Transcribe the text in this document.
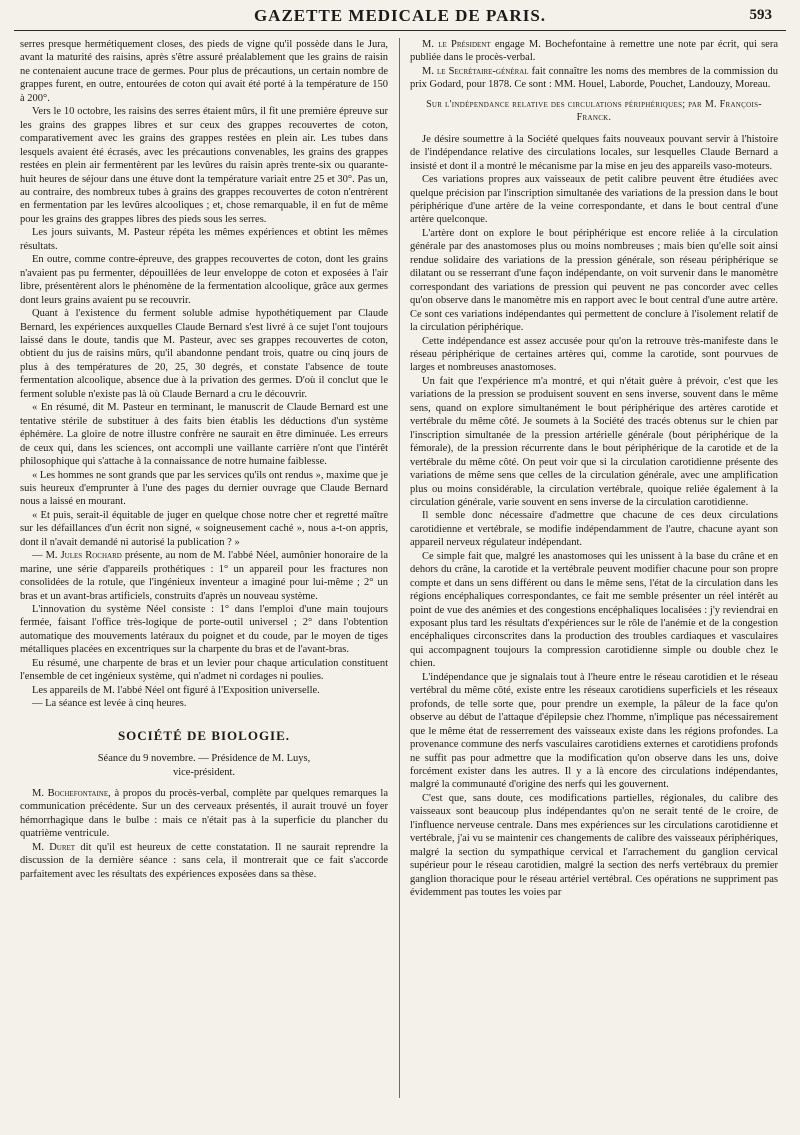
GAZETTE MEDICALE DE PARIS.	593

serres presque hermétiquement closes, des pieds de vigne qu'il possède dans le Jura, avant la maturité des raisins, après s'être assuré préalablement que les grains de raisin ne contenaient aucune trace de germes. Pour plus de précautions, un certain nombre de grappes furent, en outre, entourées de coton qui avait été porté à la température de 150 à 200°.

Vers le 10 octobre, les raisins des serres étaient mûrs, il fit une première épreuve sur les grains des grappes libres et sur ceux des grappes recouvertes de coton, comparativement avec les grains des grappes restées en plein air. Les tubes dans lesquels avaient été écrasés, avec les précautions convenables, les grains des grappes restées en plein air fermentèrent par les levûres du raisin après trente-six ou quarante-huit heures de séjour dans une étuve dont la température variait entre 25 et 30°. Pas un, au contraire, des nombreux tubes à grains des grappes recouvertes de coton n'entrèrent en fermentation par les levûres alcooliques ; et, chose remarquable, il en fut de même pour les grains des grappes libres des pieds sous les serres.

Les jours suivants, M. Pasteur répéta les mêmes expériences et obtint les mêmes résultats.

En outre, comme contre-épreuve, des grappes recouvertes de coton, dont les grains n'avaient pas pu fermenter, dépouillées de leur enveloppe de coton et exposées à l'air libre, présentèrent alors le phénomène de la fermentation alcoolique, grâce aux germes dont leurs grains avaient pu se recouvrir.

Quant à l'existence du ferment soluble admise hypothétiquement par Claude Bernard, les expériences auxquelles Claude Bernard s'est livré à ce sujet l'ont toujours laissé dans le doute, tandis que M. Pasteur, avec ses grappes recouvertes de coton, obtient du jus de raisins mûrs, qu'il abandonne pendant trois, quatre ou cinq jours de plus à des températures de 20, 25, 30 degrés, et constate l'absence de toute fermentation alcoolique, absence due à la privation des germes. D'où il conclut que le ferment soluble n'existe pas là où Claude Bernard a cru le découvrir.

« En résumé, dit M. Pasteur en terminant, le manuscrit de Claude Bernard est une tentative stérile de substituer à des faits bien établis les déductions d'un système éphémère. La gloire de notre illustre confrère ne saurait en être diminuée. Les erreurs de ceux qui, dans les sciences, ont accompli une vaillante carrière n'ont que l'intérêt philosophique qui s'attache à la connaissance de notre humaine faiblesse.

« Les hommes ne sont grands que par les services qu'ils ont rendus », maxime que je suis heureux d'emprunter à l'une des pages du dernier ouvrage que Claude Bernard nous a laissé en mourant.

« Et puis, serait-il équitable de juger en quelque chose notre cher et regretté maître sur les défaillances d'un écrit non signé, « soigneusement caché », nous a-t-on appris, dont il n'avait demandé ni autorisé la publication ? »

— M. Jules Rochard présente, au nom de M. l'abbé Néel, aumônier honoraire de la marine, une série d'appareils prothétiques : 1° un appareil pour les fractures non consolidées de la rotule, que l'ingénieux inventeur a imaginé pour lui-même ; 2° un bras et un avant-bras artificiels, construits d'après un nouveau système.

L'innovation du système Néel consiste : 1° dans l'emploi d'une main toujours fermée, faisant l'office très-logique de porte-outil universel ; 2° dans l'obtention automatique des mouvements latéraux du poignet et du coude, par le moyen de tiges métalliques placées en excentriques sur la charpente du bras et de l'avant-bras.

Eu résumé, une charpente de bras et un levier pour chaque articulation constituent l'ensemble de cet ingénieux système, qui n'admet ni cordages ni poulies.

Les appareils de M. l'abbé Néel ont figuré à l'Exposition universelle.

— La séance est levée à cinq heures.

SOCIÉTÉ DE BIOLOGIE.

Séance du 9 novembre. — Présidence de M. Luys,

vice-président.

M. Bochefontaine, à propos du procès-verbal, complète par quelques remarques la communication précédente. Sur un des cerveaux présentés, il aurait trouvé un foyer hémorrhagique dans le bulbe : mais ce n'était pas à la superficie du plancher du quatrième ventricule.

M. Duret dit qu'il est heureux de cette constatation. Il ne saurait reprendre la discussion de la dernière séance : sans cela, il montrerait que ce fait s'accorde parfaitement avec les résultats des expériences exposées dans sa thèse.

M. le Président engage M. Bochefontaine à remettre une note par écrit, qui sera publiée dans le procès-verbal.

M. le Secrétaire-général fait connaître les noms des membres de la commission du prix Godard, pour 1878. Ce sont : MM. Houel, Laborde, Pouchet, Landouzy, Moreau.

Sur l'indépendance relative des circulations périphériques; par M. François-Franck.

Je désire soumettre à la Société quelques faits nouveaux pouvant servir à l'histoire de l'indépendance relative des circulations locales, sur lesquelles Claude Bernard a insisté et dont il a montré le mécanisme par la mise en jeu des appareils vaso-moteurs.

Ces variations propres aux vaisseaux de petit calibre peuvent être étudiées avec quelque précision par l'inscription simultanée des variations de la pression dans le bout périphérique d'une artère de la veine correspondante, et dans le bout central d'une artère quelconque.

L'artère dont on explore le bout périphérique est encore reliée à la circulation générale par des anastomoses plus ou moins nombreuses ; mais bien qu'elle soit ainsi rendue solidaire des variations de la pression générale, son réseau périphérique se dilatant ou se resserrant d'une façon indépendante, on voit survenir dans le manomètre correspondant des variations de pression qui peuvent ne pas concorder avec celles qu'on observe dans le manomètre mis en rapport avec le bout central d'une autre artère. Ce sont ces variations indépendantes qui permettent de conclure à l'isolement relatif de la circulation périphérique.

Cette indépendance est assez accusée pour qu'on la retrouve très-manifeste dans le réseau périphérique de certaines artères qui, comme la carotide, sont pourvues de larges et nombreuses anastomoses.

Un fait que l'expérience m'a montré, et qui n'était guère à prévoir, c'est que les variations de la pression se produisent souvent en sens inverse, souvent dans le même sens, quand on explore simultanément le bout périphérique des artères carotide et vertébrale du même côté. Je soumets à la Société des tracés obtenus sur le chien par l'inscription simultanée de la pression artérielle générale (bout périphérique de la fémorale), de la pression récurrente dans le bout périphérique de la carotide et de la vertébrale du même côté. On peut voir que si la circulation carotidienne présente des variations de même sens que celles de la circulation générale, avec une amplification plus ou moins considérable, la circulation vertébrale, quoique reliée également à la circulation générale, varie souvent en sens inverse de la circulation carotidienne.

Il semble donc nécessaire d'admettre que chacune de ces deux circulations carotidienne et vertébrale, se modifie indépendamment de l'autre, chacune ayant son appareil nerveux régulateur indépendant.

Ce simple fait que, malgré les anastomoses qui les unissent à la base du crâne et en dehors du crâne, la carotide et la vertébrale peuvent modifier chacune pour son propre compte et dans un sens différent ou dans le même sens, l'état de la circulation dans les régions encéphaliques correspondantes, ce fait me semble présenter un réel intérêt au point de vue des anémies et des congestions encéphaliques localisées : j'y reviendrai en exposant plus tard les résultats d'expériences sur le rôle de l'anémie et de la congestion encéphaliques circonscrites dans la production des troubles cardiaques et vasculaires qui accompagnent toujours la compression carotidienne simple ou double chez le chien.

L'indépendance que je signalais tout à l'heure entre le réseau carotidien et le réseau vertébral du même côté, existe entre les réseaux carotidiens superficiels et les réseaux profonds, de telle sorte que, pour prendre un exemple, la pâleur de la face qu'on observe au début de l'attaque d'épilepsie chez l'homme, n'implique pas nécessairement que le même état de resserrement des vaisseaux existe dans les régions profondes. La provenance commune des nerfs vasculaires carotidiens externes et carotidiens profonds ne suffit pas pour admettre que la modification qu'on observe dans les uns, doive forcément exister dans les autres. Il y a là encore des circulations indépendantes, malgré la communauté d'origine des nerfs qui les gouvernent.

C'est que, sans doute, ces modifications partielles, régionales, du calibre des vaisseaux sont beaucoup plus indépendantes qu'on ne serait tenté de le croire, de l'influence nerveuse centrale. Dans mes expériences sur les circulations carotidienne et vertébrale, j'ai vu se maintenir ces changements de calibre des vaisseaux périphériques, malgré la section du sympathique cervical et l'arrachement du ganglion cervical supérieur pour le réseau carotidien, malgré la section des nerfs vertébraux du premier ganglion thoracique pour le réseau artériel vertébral. Ces opérations ne suppriment pas évidemment pas toutes les voies par
